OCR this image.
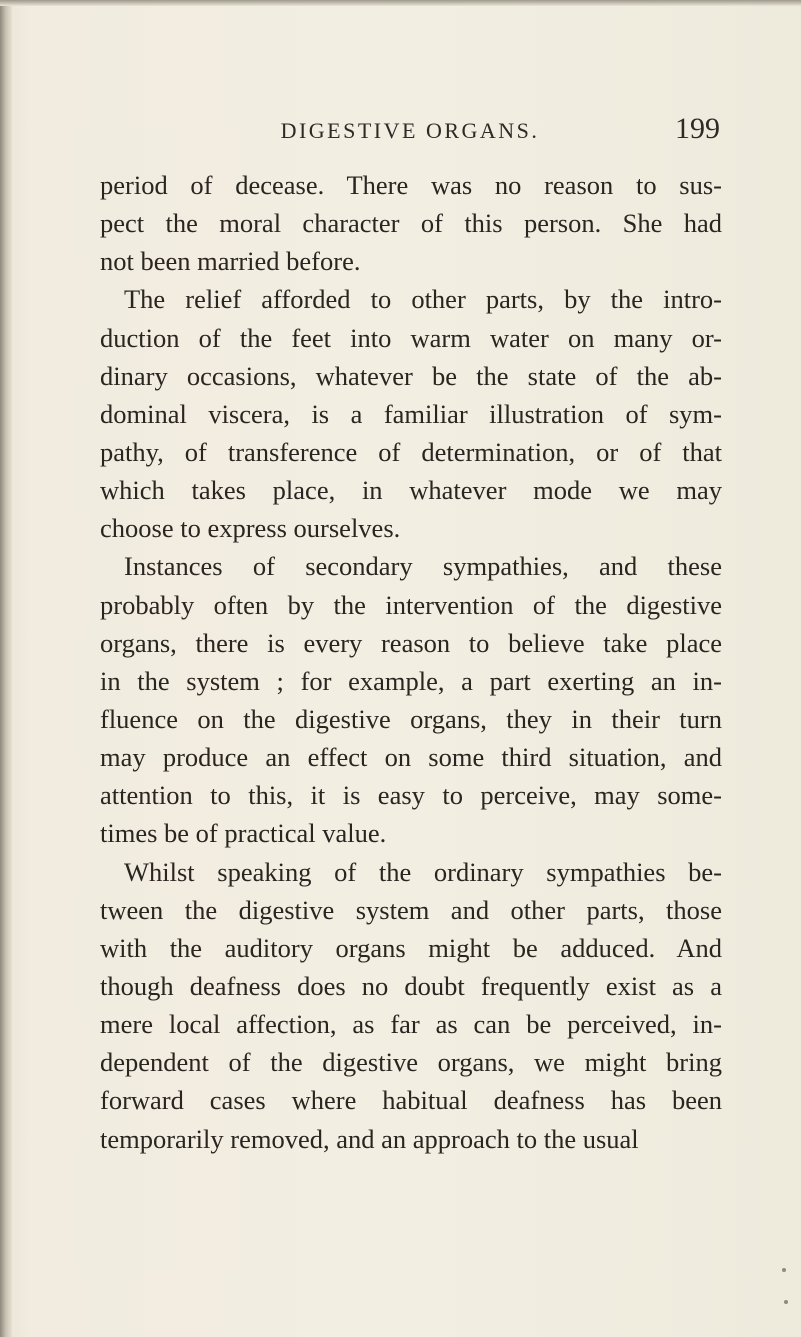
DIGESTIVE ORGANS.	199
period of decease. There was no reason to sus-
pect the moral character of this person. She had
not been married before.
The relief afforded to other parts, by the intro-
duction of the feet into warm water on many or-
dinary occasions, whatever be the state of the ab-
dominal viscera, is a familiar illustration of sym-
pathy, of transference of determination, or of that
which takes place, in whatever mode we may
choose to express ourselves.
Instances of secondary sympathies, and these
probably often by the intervention of the digestive
organs, there is every reason to believe take place
in the system ; for example, a part exerting an in-
fluence on the digestive organs, they in their turn
may produce an effect on some third situation, and
attention to this, it is easy to perceive, may some-
times be of practical value.
Whilst speaking of the ordinary sympathies be-
tween the digestive system and other parts, those
with the auditory organs might be adduced. And
though deafness does no doubt frequently exist as a
mere local affection, as far as can be perceived, in-
dependent of the digestive organs, we might bring
forward cases where habitual deafness has been
temporarily removed, and an approach to the usual
